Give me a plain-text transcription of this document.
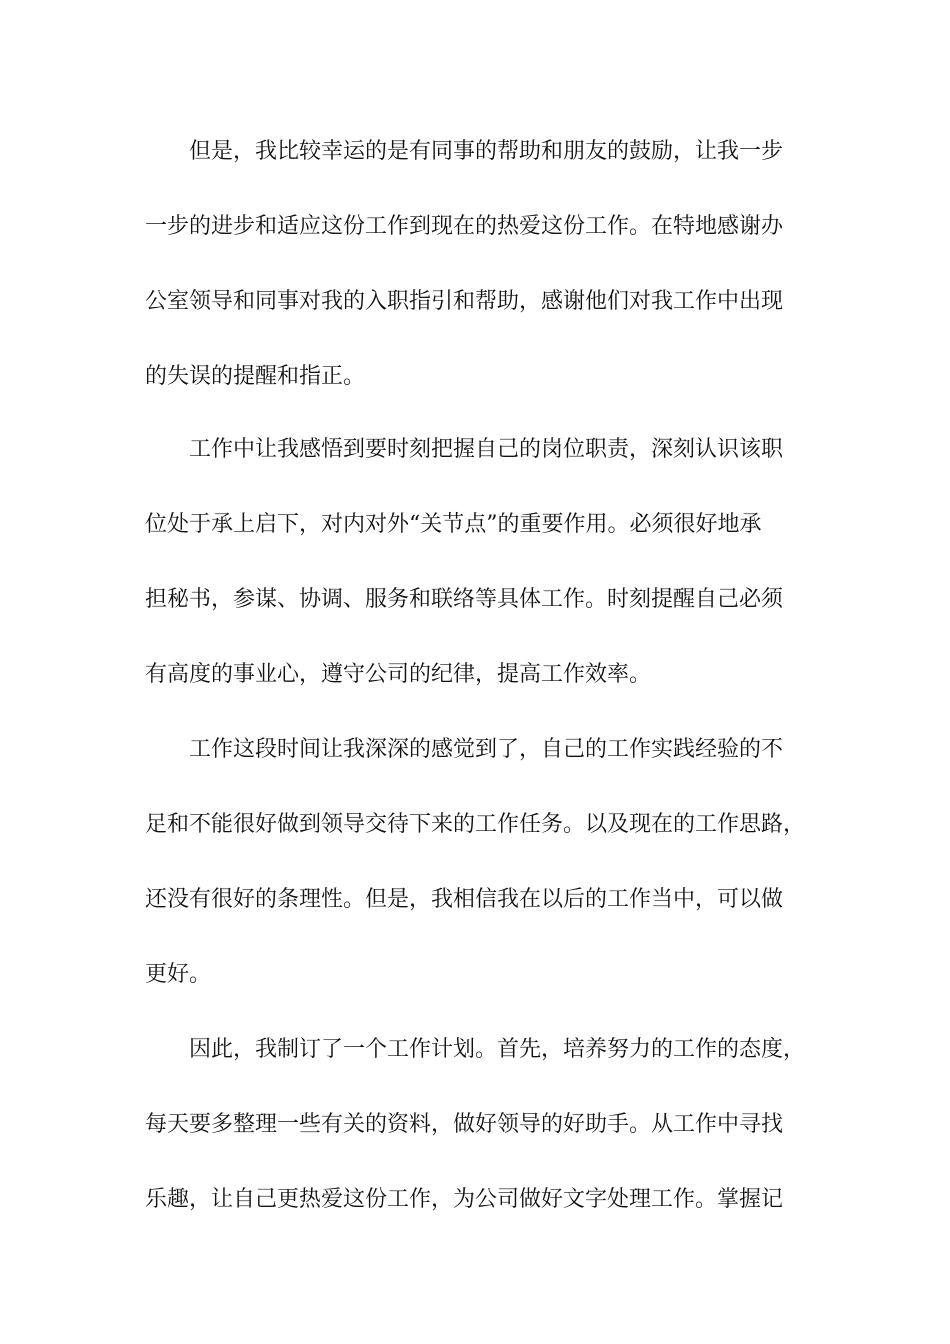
但是，我比较幸运的是有同事的帮助和朋友的鼓励，让我一步
一步的进步和适应这份工作到现在的热爱这份工作。在特地感谢办
公室领导和同事对我的入职指引和帮助，感谢他们对我工作中出现
的失误的提醒和指正。
工作中让我感悟到要时刻把握自己的岗位职责，深刻认识该职
位处于承上启下，对内对外“关节点”的重要作用。必须很好地承
担秘书，参谋、协调、服务和联络等具体工作。时刻提醒自己必须
有高度的事业心，遵守公司的纪律，提高工作效率。
工作这段时间让我深深的感觉到了，自己的工作实践经验的不
足和不能很好做到领导交待下来的工作任务。以及现在的工作思路，
还没有很好的条理性。但是，我相信我在以后的工作当中，可以做
更好。
因此，我制订了一个工作计划。首先，培养努力的工作的态度，
每天要多整理一些有关的资料，做好领导的好助手。从工作中寻找
乐趣，让自己更热爱这份工作，为公司做好文字处理工作。掌握记
